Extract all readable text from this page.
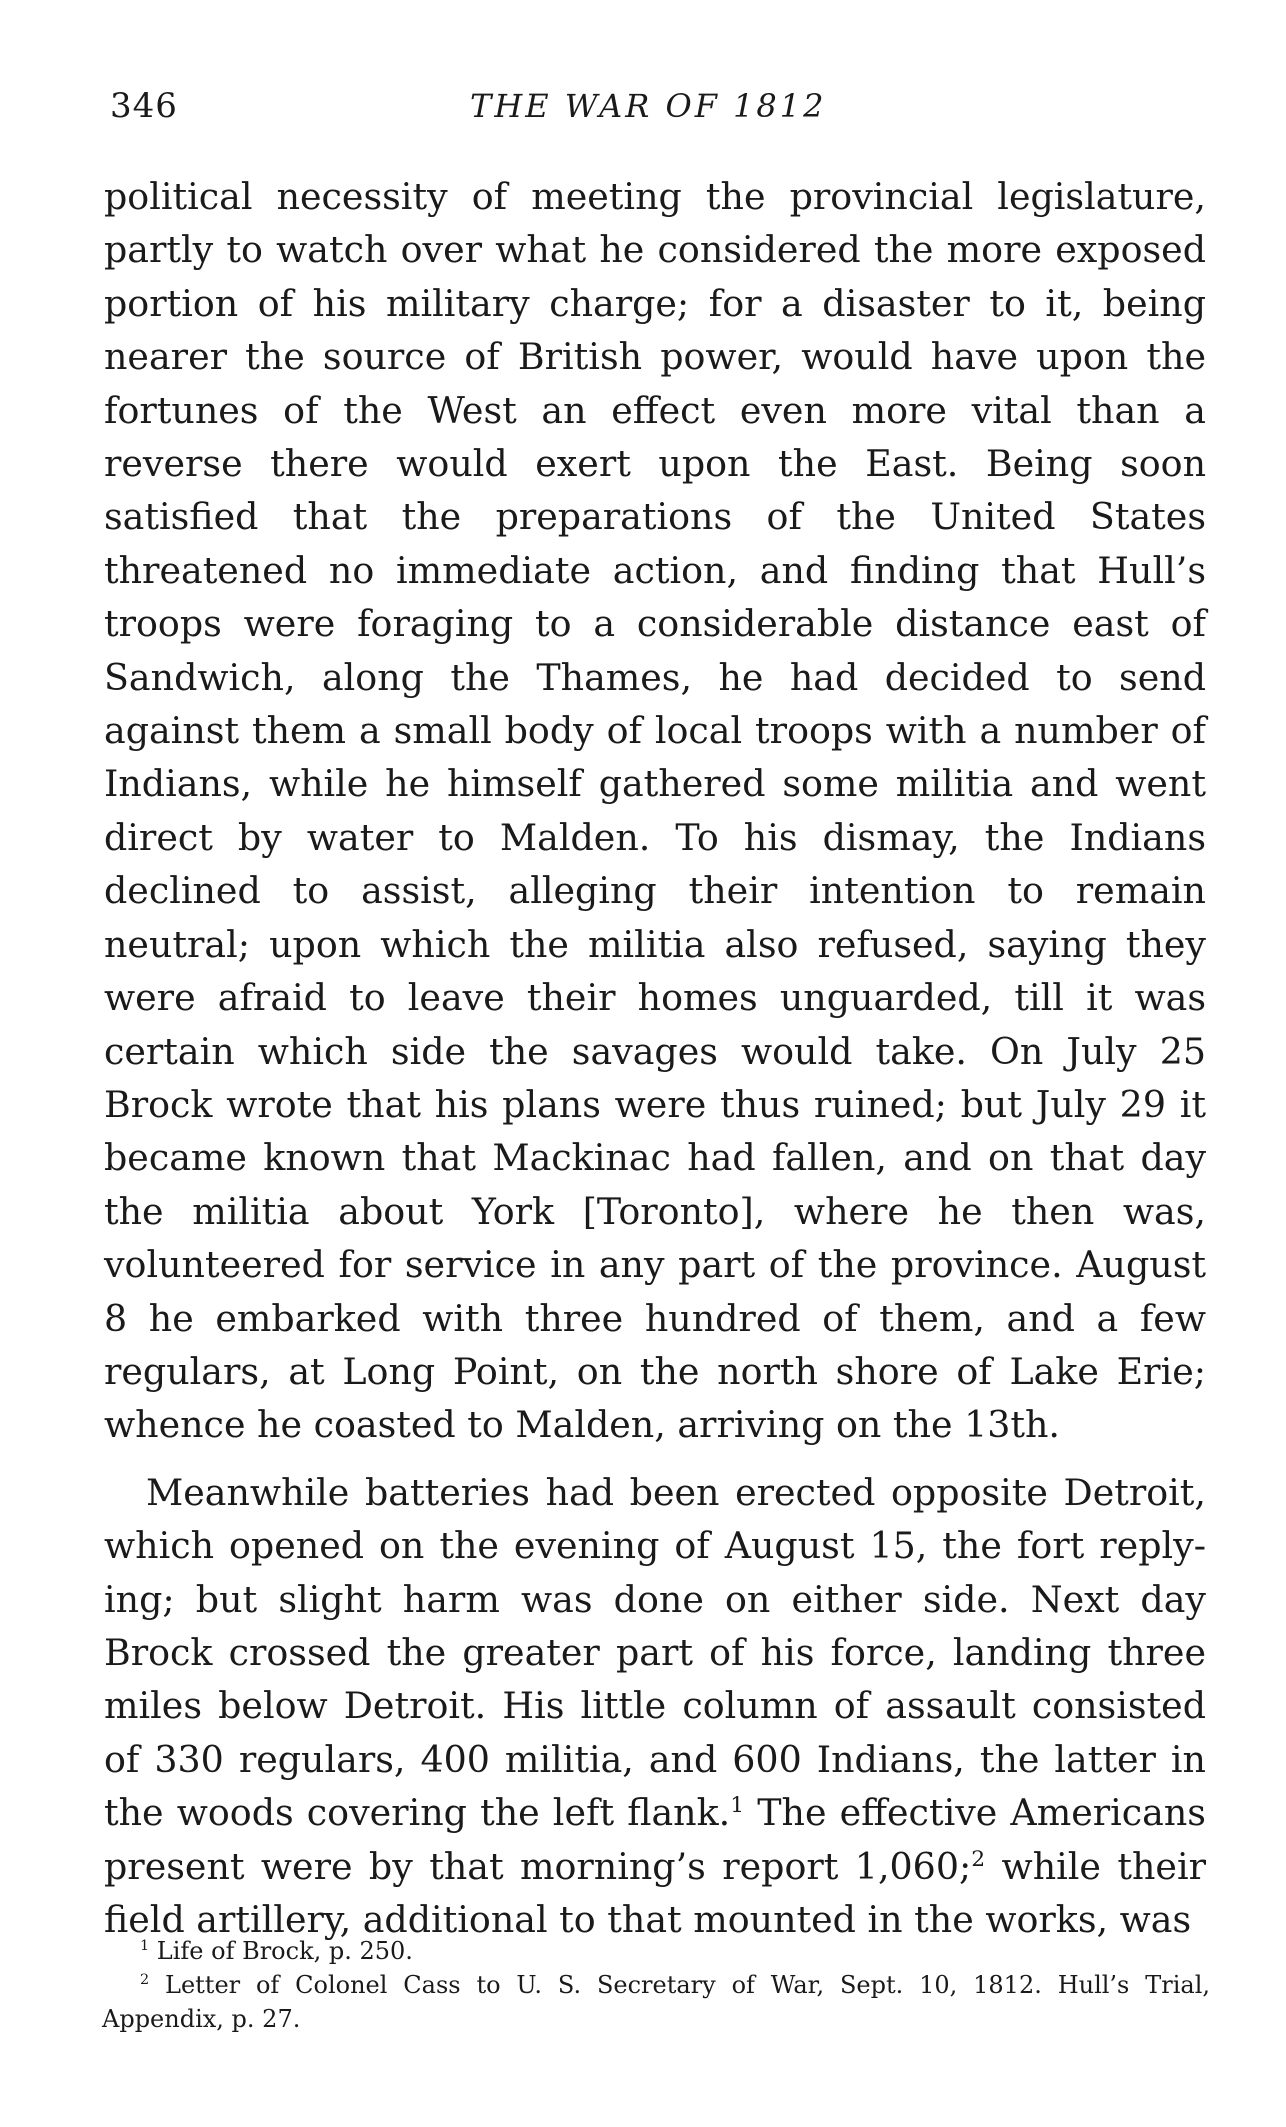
346	THE WAR OF 1812

political necessity of meeting the provincial legislature, partly to watch over what he considered the more exposed portion of his military charge; for a disaster to it, being nearer the source of British power, would have upon the fortunes of the West an effect even more vital than a reverse there would exert upon the East. Being soon satisfied that the preparations of the United States threatened no immediate action, and finding that Hull’s troops were foraging to a considerable distance east of Sandwich, along the Thames, he had decided to send against them a small body of local troops with a number of Indians, while he himself gathered some militia and went direct by water to Malden. To his dismay, the Indians declined to assist, alleging their intention to remain neutral; upon which the militia also refused, saying they were afraid to leave their homes unguarded, till it was certain which side the savages would take. On July 25 Brock wrote that his plans were thus ruined; but July 29 it became known that Mackinac had fallen, and on that day the militia about York [Toronto], where he then was, volunteered for service in any part of the province. August 8 he embarked with three hundred of them, and a few regulars, at Long Point, on the north shore of Lake Erie; whence he coasted to Malden, arriving on the 13th.

Meanwhile batteries had been erected opposite Detroit, which opened on the evening of August 15, the fort replying; but slight harm was done on either side. Next day Brock crossed the greater part of his force, landing three miles below Detroit. His little column of assault consisted of 330 regulars, 400 militia, and 600 Indians, the latter in the woods covering the left flank.$^1$ The effective Americans present were by that morning’s report 1,060;$^2$ while their field artillery, additional to that mounted in the works, was

$^1$ Life of Brock, p. 250.

$^2$ Letter of Colonel Cass to U. S. Secretary of War, Sept. 10, 1812. Hull’s Trial, Appendix, p. 27.
